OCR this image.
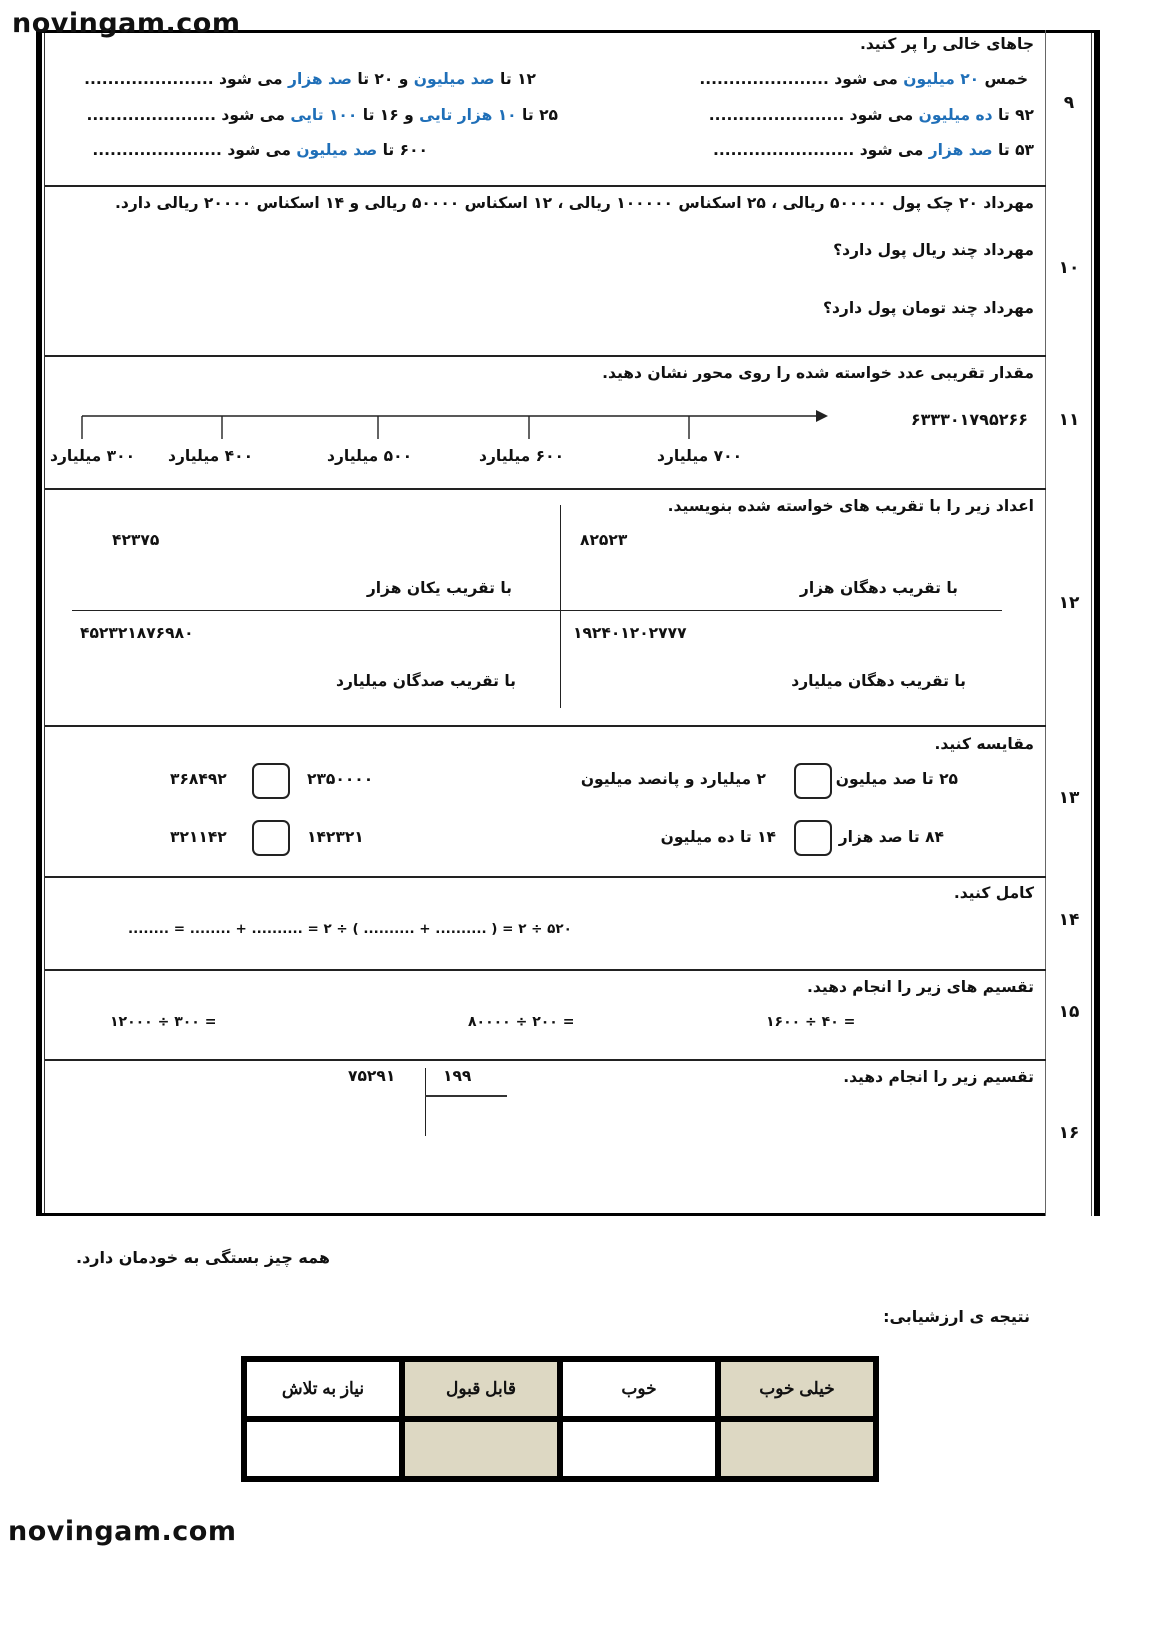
novingam.com
novingam.com
۹
۱۰
۱۱
۱۲
۱۳
۱۴
۱۵
۱۶
جاهای خالی را پر کنید.
خمس ۲۰ میلیون می شود ......................
۱۲ تا صد میلیون و ۲۰ تا صد هزار می شود ......................
۹۲ تا ده میلیون می شود .......................
۲۵ تا ۱۰ هزار تایی و ۱۶ تا ۱۰۰ تایی می شود ......................
۵۳ تا صد هزار می شود ........................
۶۰۰ تا صد میلیون می شود ......................
مهرداد ۲۰ چک پول ۵۰۰۰۰۰ ریالی ، ۲۵ اسکناس ۱۰۰۰۰۰ ریالی ، ۱۲ اسکناس ۵۰۰۰۰ ریالی و ۱۴ اسکناس ۲۰۰۰۰ ریالی دارد.
مهرداد چند ریال پول دارد؟
مهرداد چند تومان پول دارد؟
مقدار تقریبی عدد خواسته شده را روی محور نشان دهید.
۶۳۳۳۰۱۷۹۵۲۶۶
۳۰۰ میلیارد ۴۰۰ میلیارد	۵۰۰ میلیارد	۶۰۰ میلیارد	۷۰۰ میلیارد
اعداد زیر را با تقریب های خواسته شده بنویسید.
۸۲۵۲۳
با تقریب دهگان هزار
۴۲۳۷۵
با تقریب یکان هزار
۱۹۲۴۰۱۲۰۲۷۷۷
با تقریب دهگان میلیارد
۴۵۲۳۲۱۸۷۶۹۸۰
با تقریب صدگان میلیارد
مقایسه کنید.
۲۵ تا صد میلیون
۲ میلیارد و پانصد میلیون
۲۳۵۰۰۰۰
۳۶۸۴۹۲
۸۴ تا صد هزار
۱۴ تا ده میلیون
۱۴۲۳۲۱
۳۲۱۱۴۲
کامل کنید.
۵۲۰ ÷ ۲ = ( .......... + .......... ) ÷ ۲ = .......... + ........ = ........
تقسیم های زیر را انجام دهید.
۱۶۰۰ ÷ ۴۰ =
۸۰۰۰۰ ÷ ۲۰۰ =
۱۲۰۰۰ ÷ ۳۰۰ =
تقسیم زیر را انجام دهید.
۷۵۲۹۱	۱۹۹
همه چیز بستگی به خودمان دارد.
نتیجه ی ارزشیابی:
خیلی خوب	خوب	قابل قبول	نیاز به تلاش
